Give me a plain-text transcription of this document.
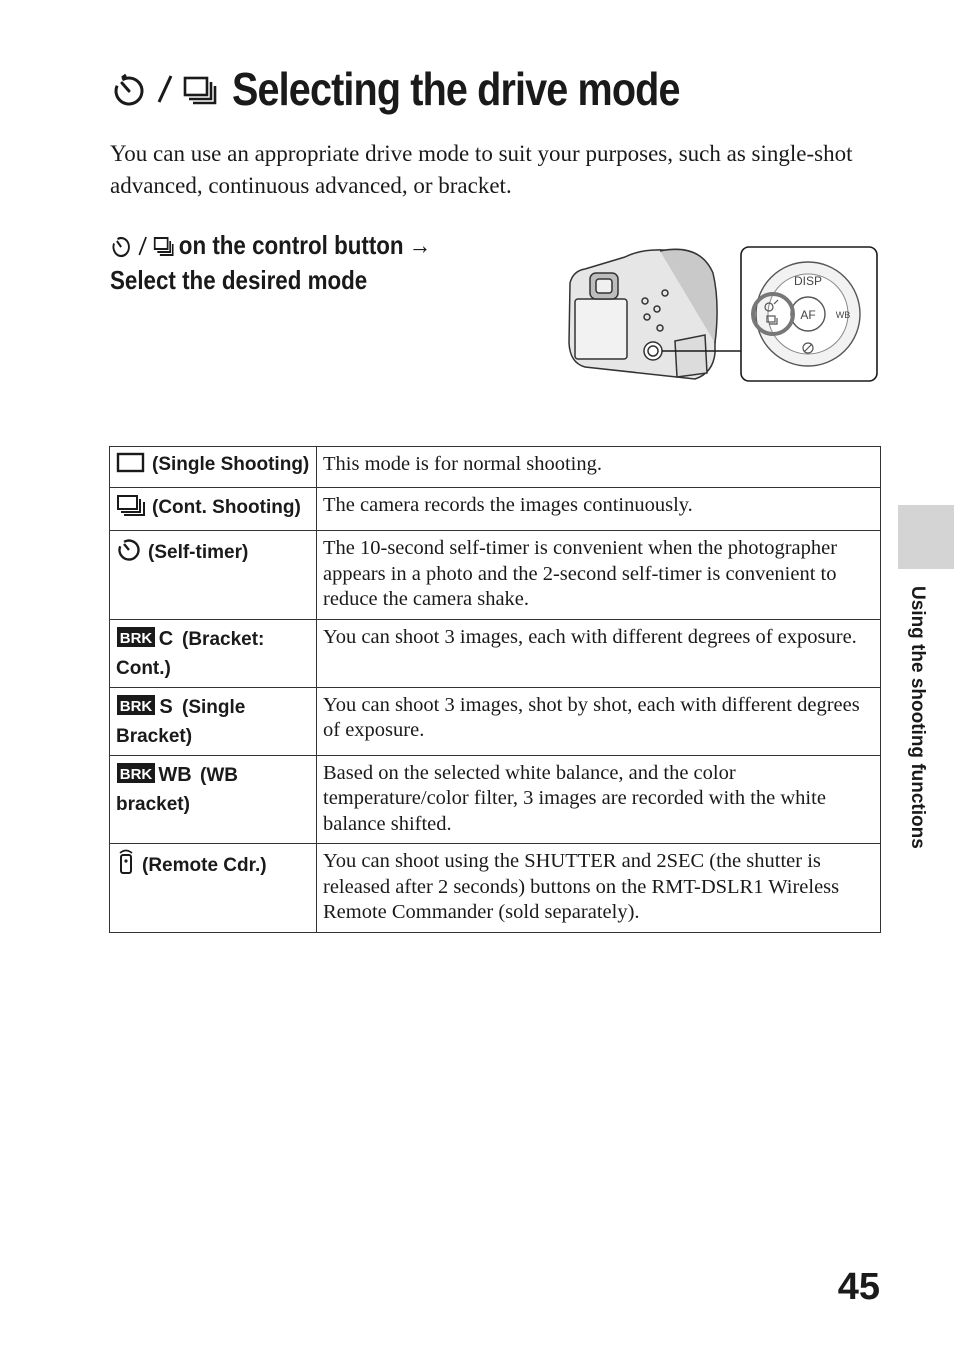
Selecting the drive mode

You can use an appropriate drive mode to suit your purposes, such as single-shot advanced, continuous advanced, or bracket.

on the control button →
Select the desired mode	DISP
AF WB
(Single Shooting)	This mode is for normal shooting.
(Cont. Shooting)	The camera records the images continuously.
(Self-timer)	The 10-second self-timer is convenient when the photographer appears in a photo and the 2-second self-timer is convenient to reduce the camera shake.

BRK C (Bracket: Cont.)	You can shoot 3 images, each with different degrees of exposure.

BRK S (Single Bracket)	You can shoot 3 images, shot by shot, each with different degrees of exposure.

BRK WB (WB bracket)	Based on the selected white balance, and the color temperature/color filter, 3 images are recorded with the white balance shifted.
(Remote Cdr.)	You can shoot using the SHUTTER and 2SEC (the shutter is released after 2 seconds) buttons on the RMT-DSLR1 Wireless Remote Commander (sold separately).
Using the shooting functions
45
